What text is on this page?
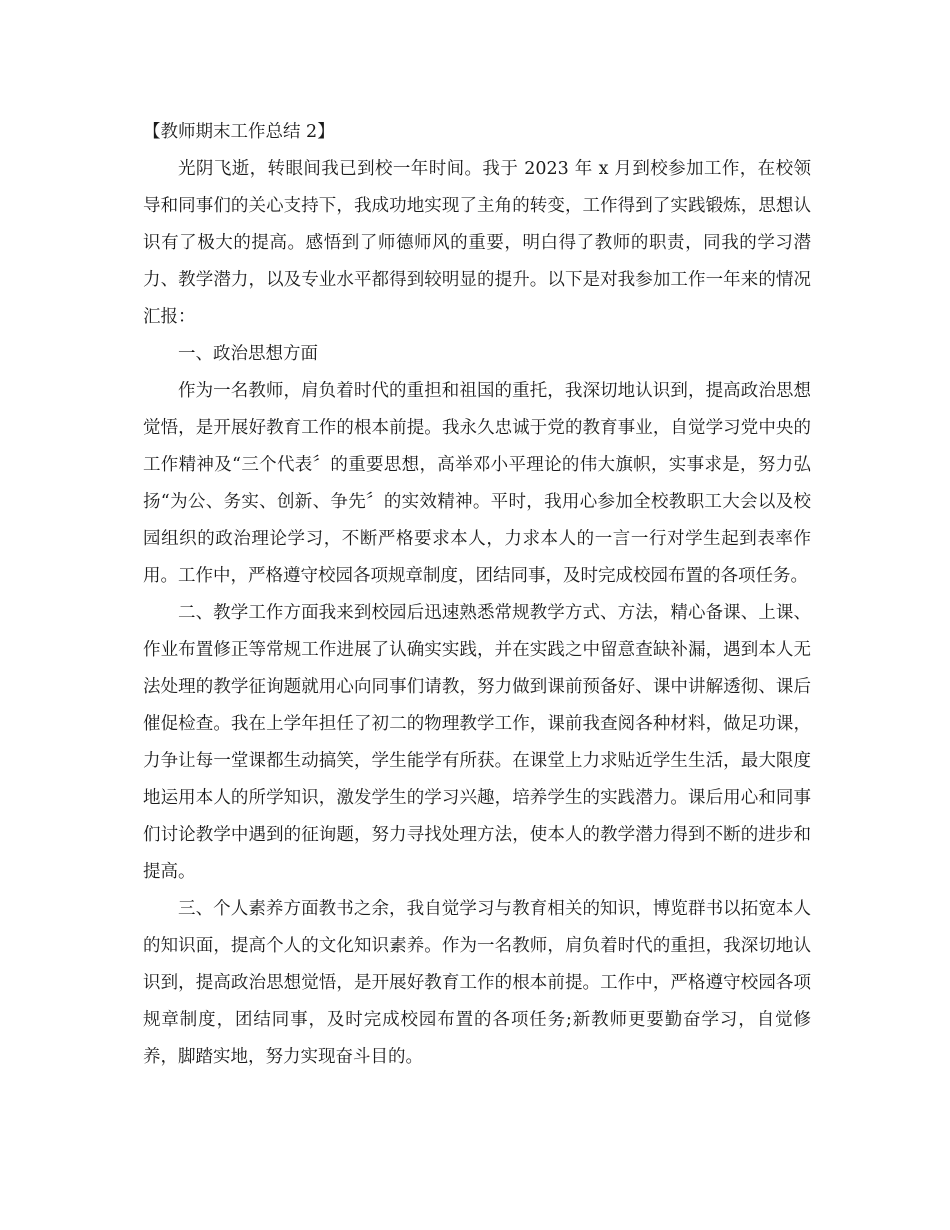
【教师期末工作总结 2】

光阴飞逝，转眼间我已到校一年时间。我于 2023 年 x 月到校参加工作，在校领导和同事们的关心支持下，我成功地实现了主角的转变，工作得到了实践锻炼，思想认识有了极大的提高。感悟到了师德师风的重要，明白得了教师的职责，同我的学习潜力、教学潜力，以及专业水平都得到较明显的提升。以下是对我参加工作一年来的情况汇报：

一、政治思想方面

作为一名教师，肩负着时代的重担和祖国的重托，我深切地认识到，提高政治思想觉悟，是开展好教育工作的根本前提。我永久忠诚于党的教育事业，自觉学习党中央的工作精神及“三个代表〞的重要思想，高举邓小平理论的伟大旗帜，实事求是，努力弘扬“为公、务实、创新、争先〞的实效精神。平时，我用心参加全校教职工大会以及校园组织的政治理论学习，不断严格要求本人，力求本人的一言一行对学生起到表率作用。工作中，严格遵守校园各项规章制度，团结同事，及时完成校园布置的各项任务。

二、教学工作方面我来到校园后迅速熟悉常规教学方式、方法，精心备课、上课、作业布置修正等常规工作进展了认确实实践，并在实践之中留意查缺补漏，遇到本人无法处理的教学征询题就用心向同事们请教，努力做到课前预备好、课中讲解透彻、课后催促检查。我在上学年担任了初二的物理教学工作，课前我查阅各种材料，做足功课，力争让每一堂课都生动搞笑，学生能学有所获。在课堂上力求贴近学生生活，最大限度地运用本人的所学知识，激发学生的学习兴趣，培养学生的实践潜力。课后用心和同事们讨论教学中遇到的征询题，努力寻找处理方法，使本人的教学潜力得到不断的进步和提高。

三、个人素养方面教书之余，我自觉学习与教育相关的知识，博览群书以拓宽本人的知识面，提高个人的文化知识素养。作为一名教师，肩负着时代的重担，我深切地认识到，提高政治思想觉悟，是开展好教育工作的根本前提。工作中，严格遵守校园各项规章制度，团结同事，及时完成校园布置的各项任务;新教师更要勤奋学习，自觉修养，脚踏实地，努力实现奋斗目的。
